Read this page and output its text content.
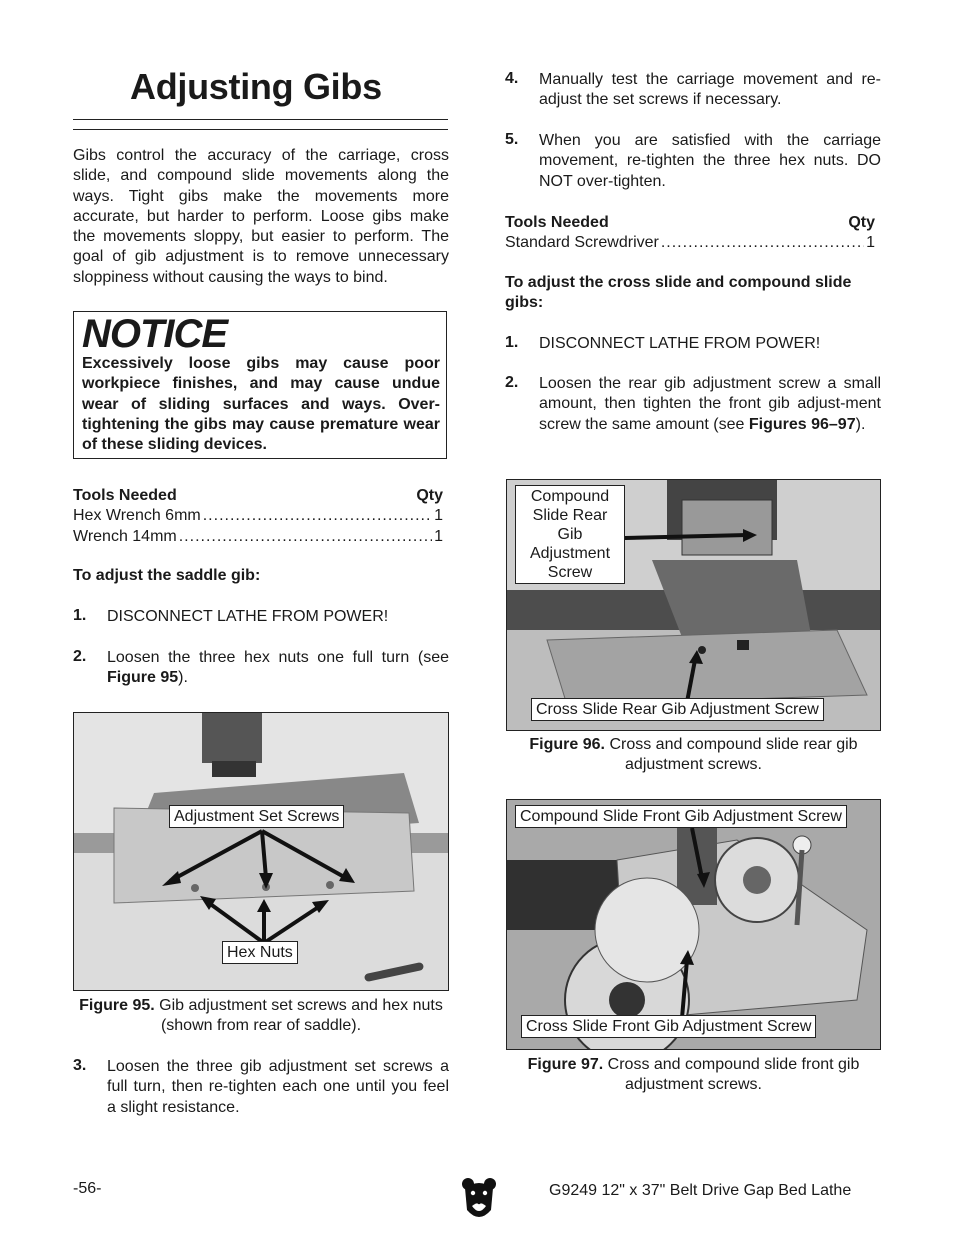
Adjusting Gibs

Gibs control the accuracy of the carriage, cross slide, and compound slide movements along the ways. Tight gibs make the movements more accurate, but harder to perform. Loose gibs make the movements sloppy, but easier to perform. The goal of gib adjustment is to remove unnecessary sloppiness without causing the ways to bind.

NOTICE

Excessively loose gibs may cause poor workpiece finishes, and may cause undue wear of sliding surfaces and ways. Over-tightening the gibs may cause premature wear of these sliding devices.

Tools Needed	Qty
Hex Wrench 6mm .....	1
Wrench 14mm .....	1
To adjust the saddle gib:
1.	DISCONNECT LATHE FROM POWER!
2.	Loosen the three hex nuts one full turn (see Figure 95).
Adjustment Set Screws
Hex Nuts
Figure 95. Gib adjustment set screws and hex nuts (shown from rear of saddle).
3.	Loosen the three gib adjustment set screws a full turn, then re-tighten each one until you feel a slight resistance.
4.	Manually test the carriage movement and re-adjust the set screws if necessary.
5.	When you are satisfied with the carriage movement, re-tighten the three hex nuts. DO NOT over-tighten.
Tools Needed	Qty
Standard Screwdriver .....	1
To adjust the cross slide and compound slide gibs:
1.	DISCONNECT LATHE FROM POWER!
2.	Loosen the rear gib adjustment screw a small amount, then tighten the front gib adjust-ment screw the same amount (see Figures 96–97).
Compound Slide Rear Gib Adjustment Screw
Cross Slide Rear Gib Adjustment Screw
Figure 96. Cross and compound slide rear gib adjustment screws.
Compound Slide Front Gib Adjustment Screw
Cross Slide Front Gib Adjustment Screw
Figure 97. Cross and compound slide front gib adjustment screws.
-56-	G9249 12" x 37" Belt Drive Gap Bed Lathe
